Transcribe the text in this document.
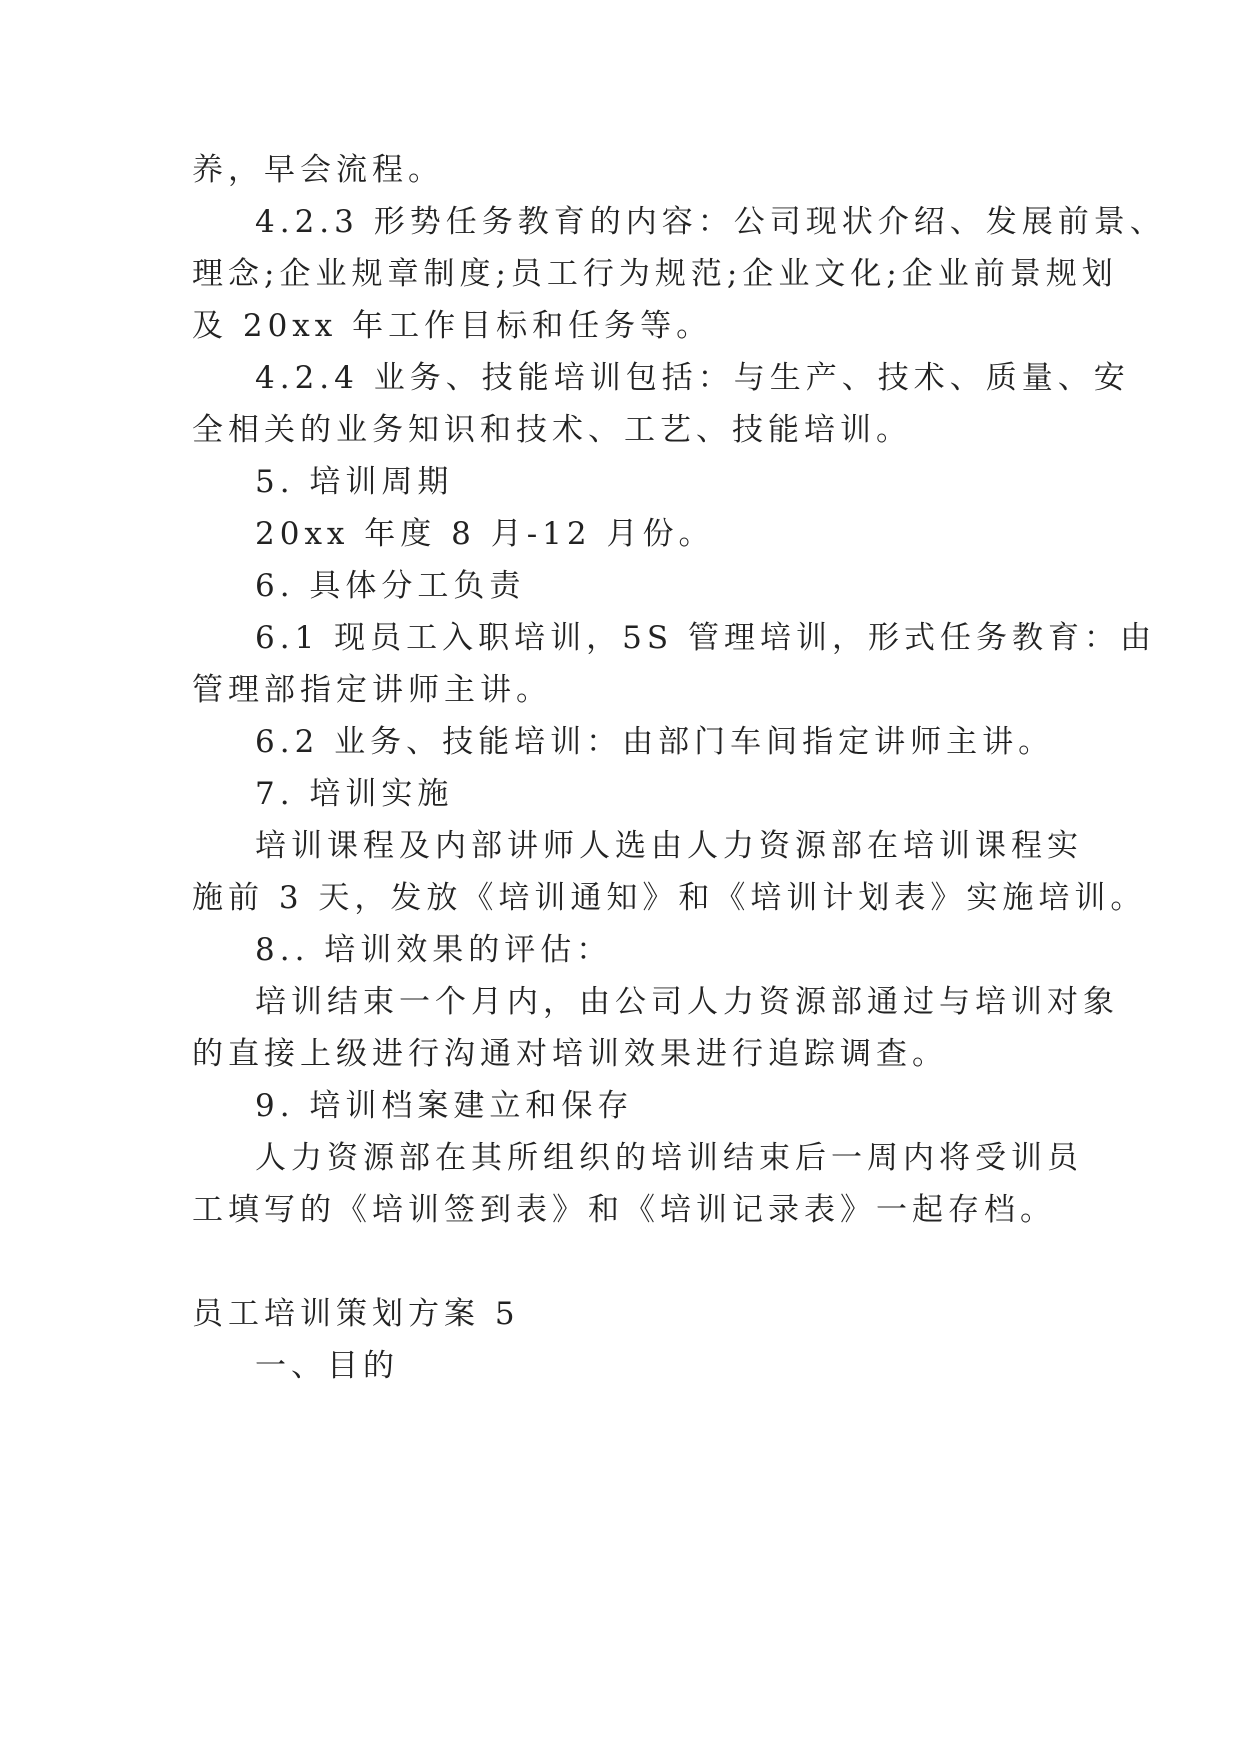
养，早会流程。
4.2.3 形势任务教育的内容：公司现状介绍、发展前景、
理念;企业规章制度;员工行为规范;企业文化;企业前景规划
及 20xx 年工作目标和任务等。
4.2.4 业务、技能培训包括：与生产、技术、质量、安
全相关的业务知识和技术、工艺、技能培训。
5. 培训周期
20xx 年度 8 月-12 月份。
6. 具体分工负责
6.1 现员工入职培训，5S 管理培训，形式任务教育：由
管理部指定讲师主讲。
6.2 业务、技能培训：由部门车间指定讲师主讲。
7. 培训实施
培训课程及内部讲师人选由人力资源部在培训课程实
施前 3 天，发放《培训通知》和《培训计划表》实施培训。
8.. 培训效果的评估：
培训结束一个月内，由公司人力资源部通过与培训对象
的直接上级进行沟通对培训效果进行追踪调查。
9. 培训档案建立和保存
人力资源部在其所组织的培训结束后一周内将受训员
工填写的《培训签到表》和《培训记录表》一起存档。
员工培训策划方案 5
一、目的
